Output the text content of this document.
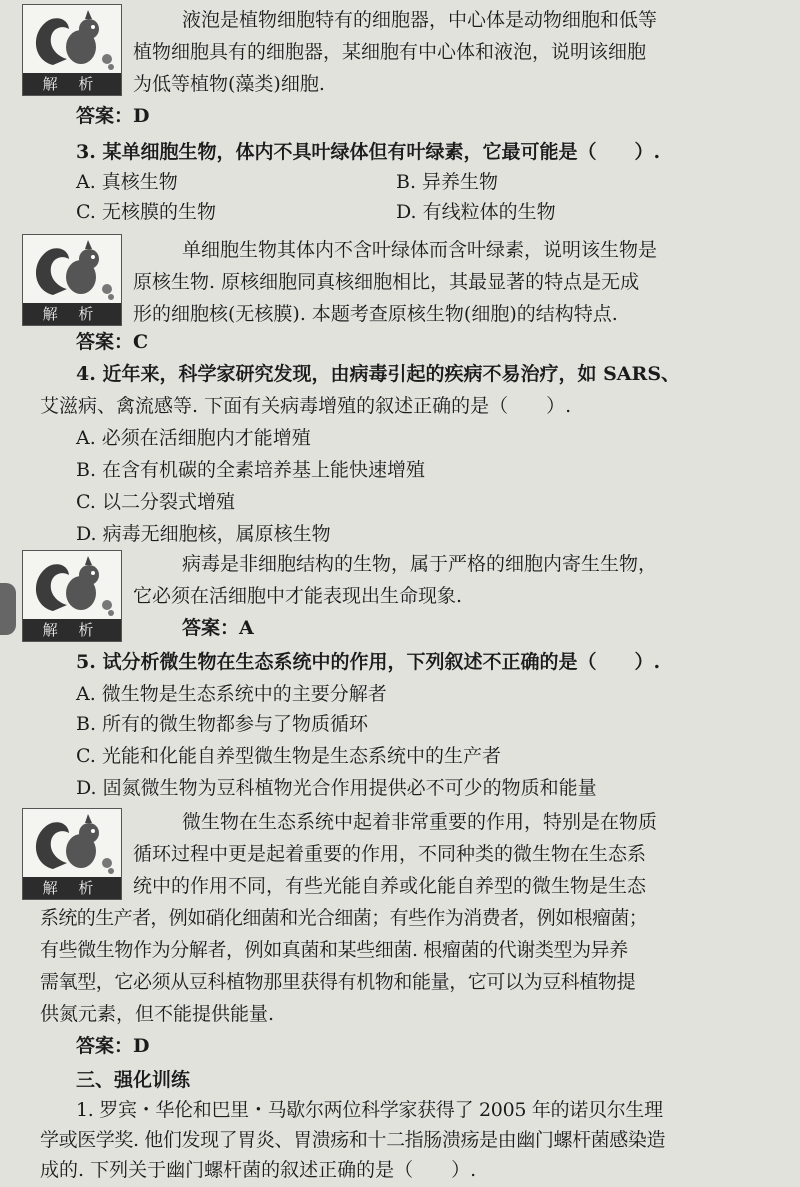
解 析
液泡是植物细胞特有的细胞器，中心体是动物细胞和低等
植物细胞具有的细胞器，某细胞有中心体和液泡，说明该细胞
为低等植物(藻类)细胞.
答案：D
3. 某单细胞生物，体内不具叶绿体但有叶绿素，它最可能是（　　）.
A. 真核生物	B. 异养生物
C. 无核膜的生物	D. 有线粒体的生物
解 析
单细胞生物其体内不含叶绿体而含叶绿素，说明该生物是
原核生物. 原核细胞同真核细胞相比，其最显著的特点是无成
形的细胞核(无核膜). 本题考查原核生物(细胞)的结构特点.
答案：C
4. 近年来，科学家研究发现，由病毒引起的疾病不易治疗，如 SARS、
艾滋病、禽流感等. 下面有关病毒增殖的叙述正确的是（　　）.
A. 必须在活细胞内才能增殖
B. 在含有机碳的全素培养基上能快速增殖
C. 以二分裂式增殖
D. 病毒无细胞核，属原核生物
解 析
病毒是非细胞结构的生物，属于严格的细胞内寄生生物，
它必须在活细胞中才能表现出生命现象.
答案：A
5. 试分析微生物在生态系统中的作用，下列叙述不正确的是（　　）.
A. 微生物是生态系统中的主要分解者
B. 所有的微生物都参与了物质循环
C. 光能和化能自养型微生物是生态系统中的生产者
D. 固氮微生物为豆科植物光合作用提供必不可少的物质和能量
解 析
微生物在生态系统中起着非常重要的作用，特别是在物质
循环过程中更是起着重要的作用，不同种类的微生物在生态系
统中的作用不同，有些光能自养或化能自养型的微生物是生态
系统的生产者，例如硝化细菌和光合细菌；有些作为消费者，例如根瘤菌；
有些微生物作为分解者，例如真菌和某些细菌. 根瘤菌的代谢类型为异养
需氧型，它必须从豆科植物那里获得有机物和能量，它可以为豆科植物提
供氮元素，但不能提供能量.
答案：D
三、强化训练
1. 罗宾・华伦和巴里・马歇尔两位科学家获得了 2005 年的诺贝尔生理
学或医学奖. 他们发现了胃炎、胃溃疡和十二指肠溃疡是由幽门螺杆菌感染造
成的. 下列关于幽门螺杆菌的叙述正确的是（　　）.
